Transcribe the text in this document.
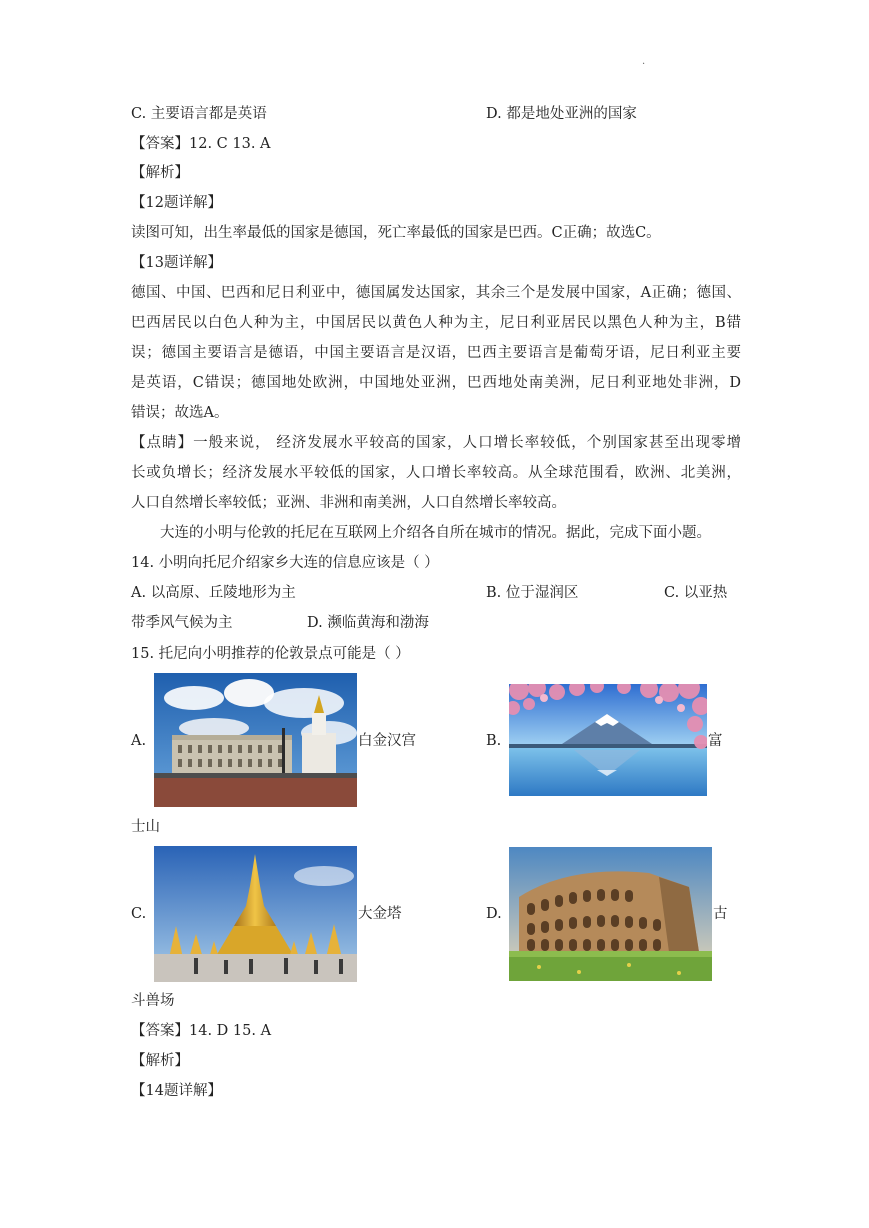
.
C. 主要语言都是英语	D. 都是地处亚洲的国家
【答案】12. C 13. A
【解析】
【12题详解】
读图可知，出生率最低的国家是德国，死亡率最低的国家是巴西。C正确；故选C。
【13题详解】
德国、中国、巴西和尼日利亚中，德国属发达国家，其余三个是发展中国家，A正确；德国、
巴西居民以白色人种为主，中国居民以黄色人种为主，尼日利亚居民以黑色人种为主，B错
误；德国主要语言是德语，中国主要语言是汉语，巴西主要语言是葡萄牙语，尼日利亚主要
是英语，C错误；德国地处欧洲，中国地处亚洲，巴西地处南美洲，尼日利亚地处非洲，D
错误；故选A。
【点睛】一般来说， 经济发展水平较高的国家，人口增长率较低，个别国家甚至出现零增
长或负增长；经济发展水平较低的国家，人口增长率较高。从全球范围看，欧洲、北美洲，
人口自然增长率较低；亚洲、非洲和南美洲，人口自然增长率较高。
大连的小明与伦敦的托尼在互联网上介绍各自所在城市的情况。据此，完成下面小题。
14. 小明向托尼介绍家乡大连的信息应该是（ ）
A. 以高原、丘陵地形为主	B. 位于湿润区	C. 以亚热
带季风气候为主	D. 濒临黄海和渤海
15. 托尼向小明推荐的伦敦景点可能是（ ）
A.	白金汉宫	B.	富
士山
C.	大金塔	D.	古
斗兽场
【答案】14. D 15. A
【解析】
【14题详解】
